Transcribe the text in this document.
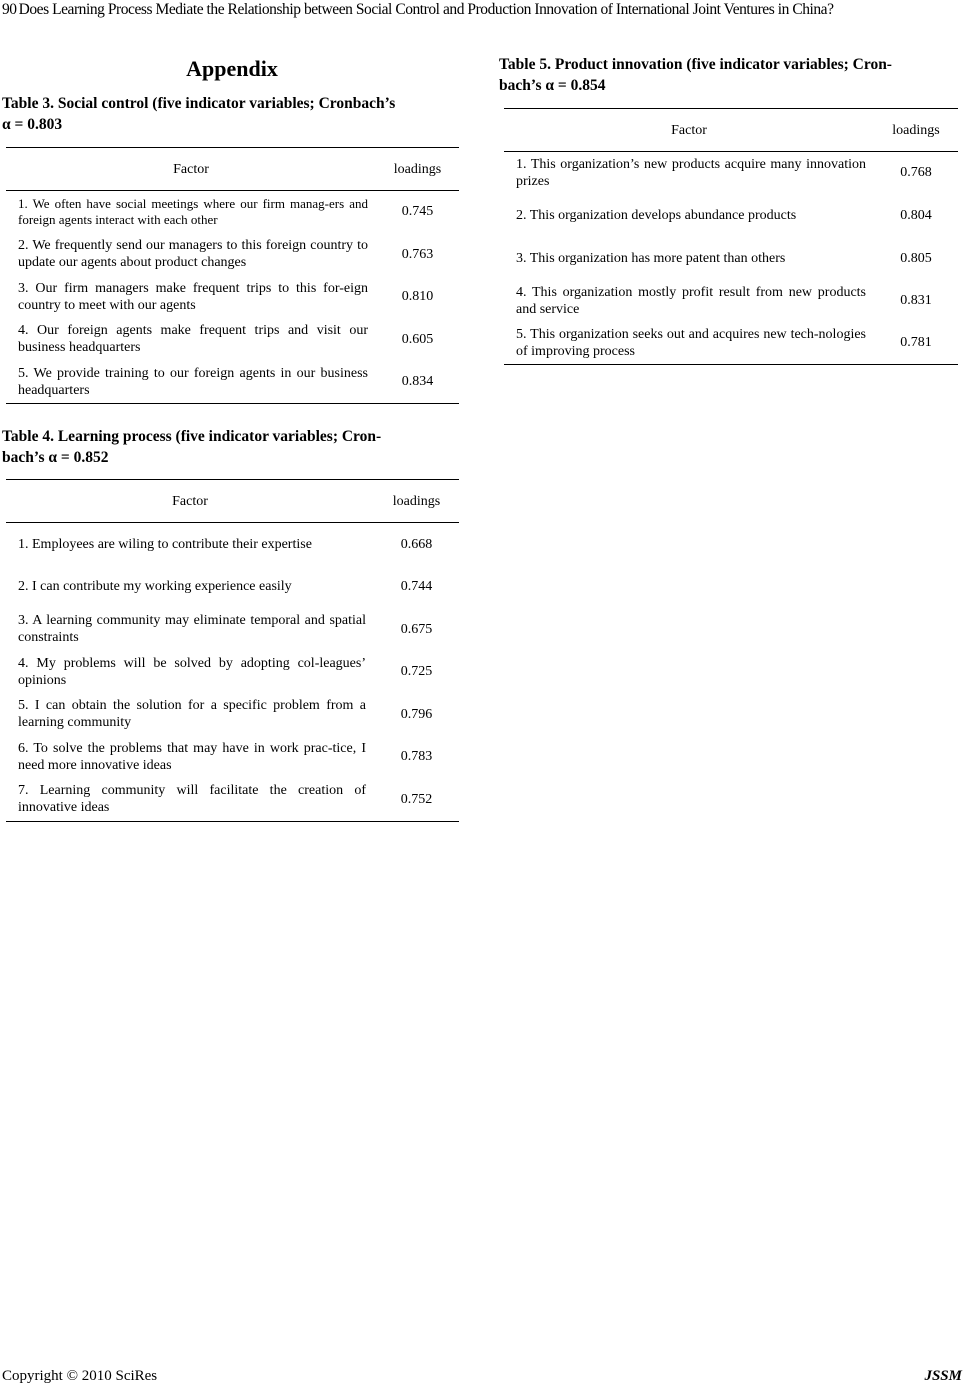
90 Does Learning Process Mediate the Relationship between Social Control and Production Innovation of International Joint Ventures in China?
Appendix
Table 3. Social control (five indicator variables; Cronbach’s
α = 0.803
Factor	loadings
1. We often have social meetings where our firm manag-ers and foreign agents interact with each other	0.745
2. We frequently send our managers to this foreign country to update our agents about product changes	0.763
3. Our firm managers make frequent trips to this for-eign country to meet with our agents	0.810
4. Our foreign agents make frequent trips and visit our business headquarters	0.605
5. We provide training to our foreign agents in our business headquarters	0.834
Table 4. Learning process (five indicator variables; Cron-
bach’s α = 0.852
Factor	loadings
1. Employees are wiling to contribute their expertise	0.668
2. I can contribute my working experience easily	0.744
3. A learning community may eliminate temporal and spatial constraints	0.675
4. My problems will be solved by adopting col-leagues’ opinions	0.725
5. I can obtain the solution for a specific problem from a learning community	0.796
6. To solve the problems that may have in work prac-tice, I need more innovative ideas	0.783
7. Learning community will facilitate the creation of innovative ideas	0.752
Table 5. Product innovation (five indicator variables; Cron-
bach’s α = 0.854
Factor	loadings
1. This organization’s new products acquire many innovation prizes	0.768
2. This organization develops abundance products	0.804
3. This organization has more patent than others	0.805
4. This organization mostly profit result from new products and service	0.831
5. This organization seeks out and acquires new tech-nologies of improving process	0.781
Copyright © 2010 SciRes	JSSM
